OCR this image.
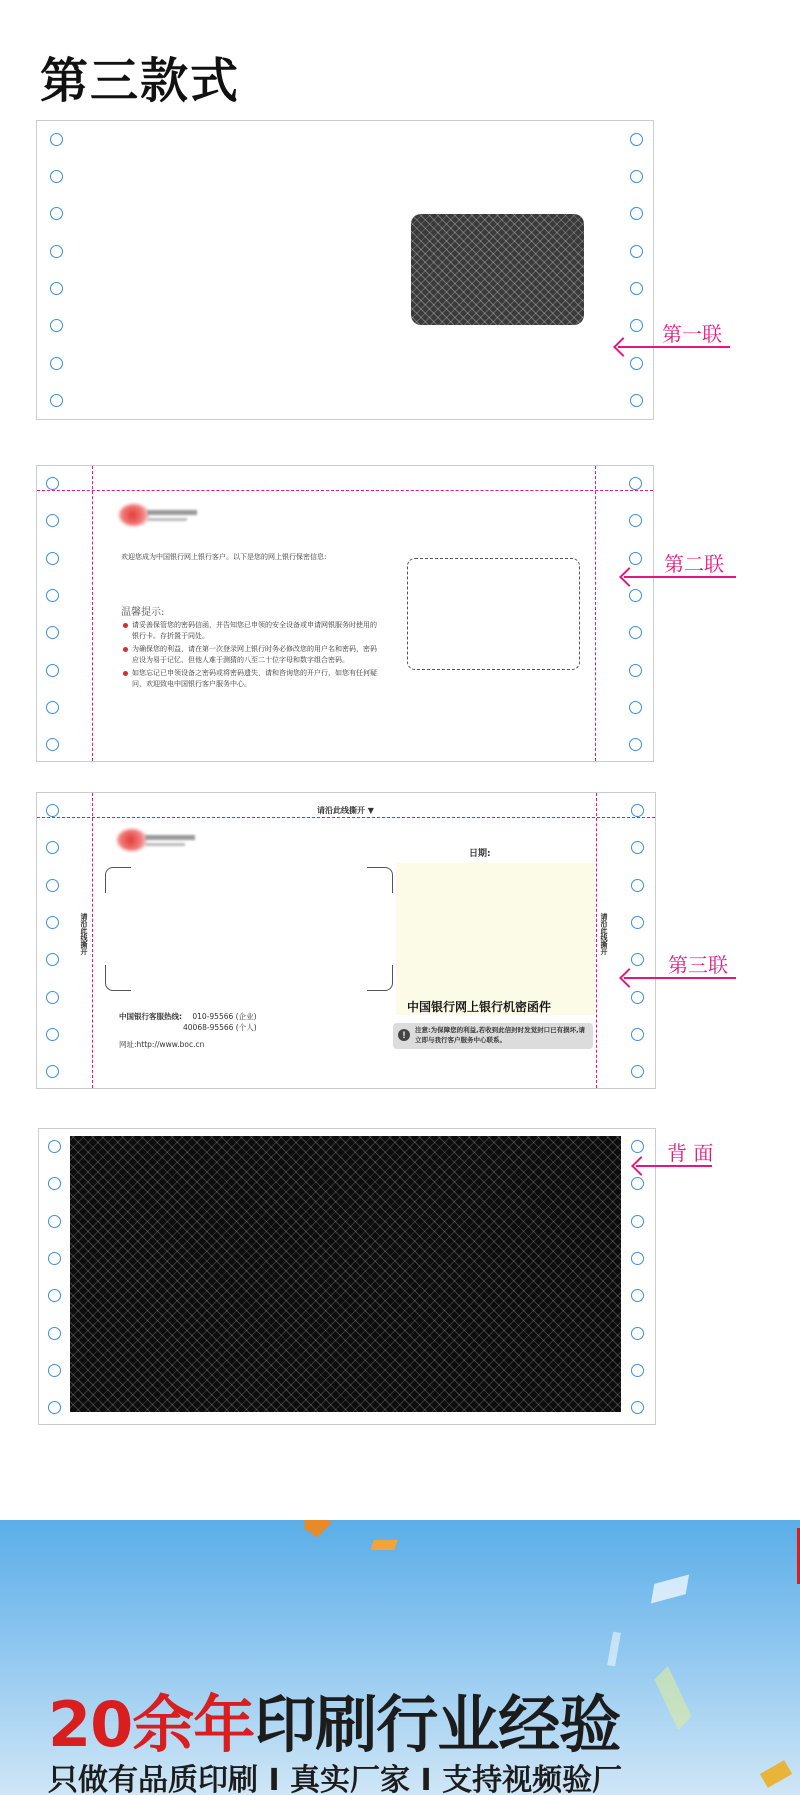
第三款式
第一联
欢迎您成为中国银行网上银行客户。以下是您的网上银行保密信息:
温馨提示:
请妥善保管您的密码信函，并告知您已申领的安全设备或申请网银服务时使用的银行卡。存折置于同处。
为确保您的利益，请在第一次登录网上银行时务必修改您的用户名和密码，密码应设为易于记忆、但他人难于测猜的八至二十位字母和数字组合密码。
如您忘记已申领设备之密码或将密码遗失，请和咨询您的开户行，如您有任何疑问，欢迎致电中国银行客户服务中心。
第二联
请沿此线撕开 ▼
请沿此线撕开	请沿此线撕开
中国银行客服热线: 010-95566 (企业)
40068-95566 (个人)
网址:http://www.boc.cn
日期:
中国银行网上银行机密函件
!	注意:为保障您的利益,若收到此信封时发觉封口已有损坏,请立即与我行客户服务中心联系。
第三联
背 面
20余年印刷行业经验
只做有品质印刷 I 真实厂家 I 支持视频验厂
